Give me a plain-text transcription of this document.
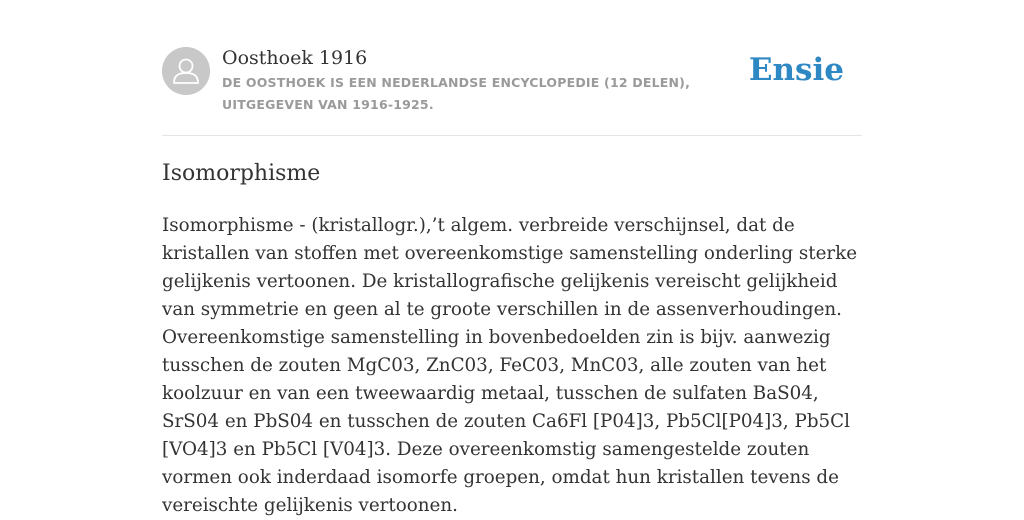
Oosthoek 1916
DE OOSTHOEK IS EEN NEDERLANDSE ENCYCLOPEDIE (12 DELEN), UITGEGEVEN VAN 1916-1925.
Ensie
Isomorphisme

Isomorphisme - (kristallogr.),’t algem. verbreide verschijnsel, dat de kristallen van stoffen met overeenkomstige samenstelling onderling sterke gelijkenis vertoonen. De kristallografische gelijkenis vereischt gelijkheid van symmetrie en geen al te groote verschillen in de assenverhoudingen. Overeenkomstige samenstelling in bovenbedoelden zin is bijv. aanwezig tusschen de zouten MgC03, ZnC03, FeC03, MnC03, alle zouten van het koolzuur en van een tweewaardig metaal, tusschen de sulfaten BaS04, SrS04 en PbS04 en tusschen de zouten Ca6Fl [P04]3, Pb5Cl[P04]3, Pb5Cl [VO4]3 en Pb5Cl [V04]3. Deze overeenkomstig samengestelde zouten vormen ook inderdaad isomorfe groepen, omdat hun kristallen tevens de vereischte gelijkenis vertoonen.
